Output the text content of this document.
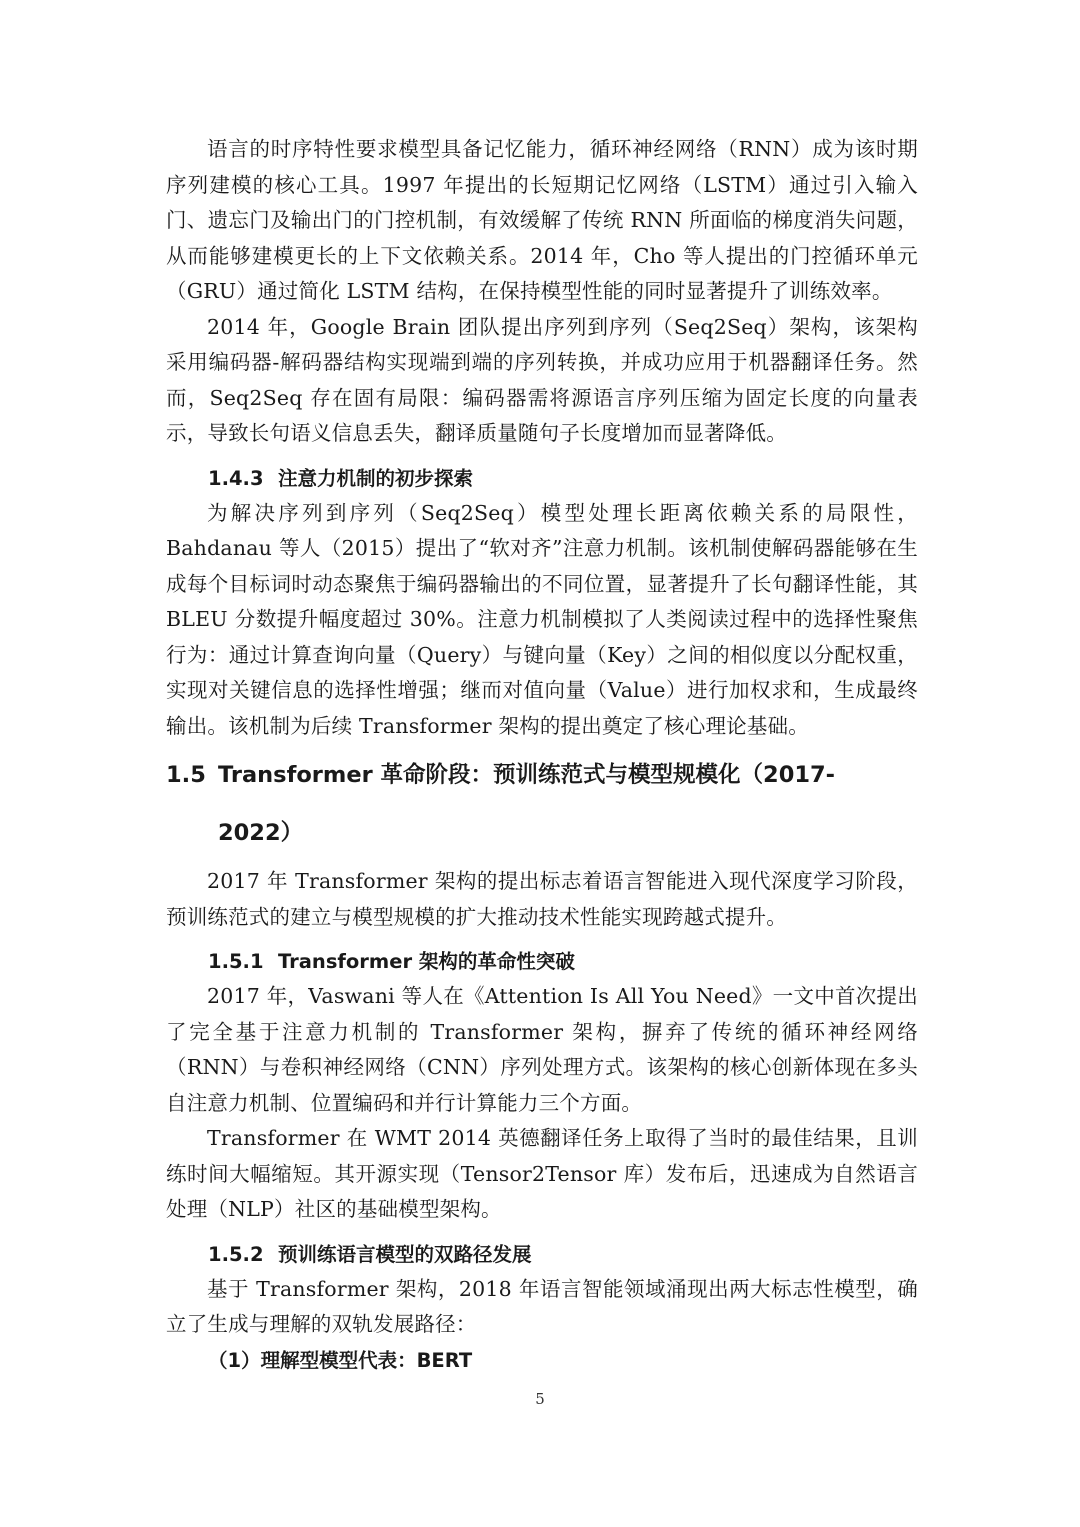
语言的时序特性要求模型具备记忆能力，循环神经网络（RNN）成为该时期序列建模的核心工具。1997 年提出的长短期记忆网络（LSTM）通过引入输入门、遗忘门及输出门的门控机制，有效缓解了传统 RNN 所面临的梯度消失问题，从而能够建模更长的上下文依赖关系。2014 年，Cho 等人提出的门控循环单元（GRU）通过简化 LSTM 结构，在保持模型性能的同时显著提升了训练效率。

2014 年，Google Brain 团队提出序列到序列（Seq2Seq）架构，该架构采用编码器-解码器结构实现端到端的序列转换，并成功应用于机器翻译任务。然而，Seq2Seq 存在固有局限：编码器需将源语言序列压缩为固定长度的向量表示，导致长句语义信息丢失，翻译质量随句子长度增加而显著降低。

1.4.3 注意力机制的初步探索

为解决序列到序列（Seq2Seq）模型处理长距离依赖关系的局限性，Bahdanau 等人（2015）提出了“软对齐”注意力机制。该机制使解码器能够在生成每个目标词时动态聚焦于编码器输出的不同位置，显著提升了长句翻译性能，其 BLEU 分数提升幅度超过 30%。注意力机制模拟了人类阅读过程中的选择性聚焦行为：通过计算查询向量（Query）与键向量（Key）之间的相似度以分配权重，实现对关键信息的选择性增强；继而对值向量（Value）进行加权求和，生成最终输出。该机制为后续 Transformer 架构的提出奠定了核心理论基础。

1.5 Transformer 革命阶段：预训练范式与模型规模化（2017-
2022）

2017 年 Transformer 架构的提出标志着语言智能进入现代深度学习阶段，预训练范式的建立与模型规模的扩大推动技术性能实现跨越式提升。

1.5.1 Transformer 架构的革命性突破

2017 年，Vaswani 等人在《Attention Is All You Need》一文中首次提出了完全基于注意力机制的 Transformer 架构，摒弃了传统的循环神经网络（RNN）与卷积神经网络（CNN）序列处理方式。该架构的核心创新体现在多头自注意力机制、位置编码和并行计算能力三个方面。

Transformer 在 WMT 2014 英德翻译任务上取得了当时的最佳结果，且训练时间大幅缩短。其开源实现（Tensor2Tensor 库）发布后，迅速成为自然语言处理（NLP）社区的基础模型架构。

1.5.2 预训练语言模型的双路径发展

基于 Transformer 架构，2018 年语言智能领域涌现出两大标志性模型，确立了生成与理解的双轨发展路径：

（1）理解型模型代表：BERT
5
